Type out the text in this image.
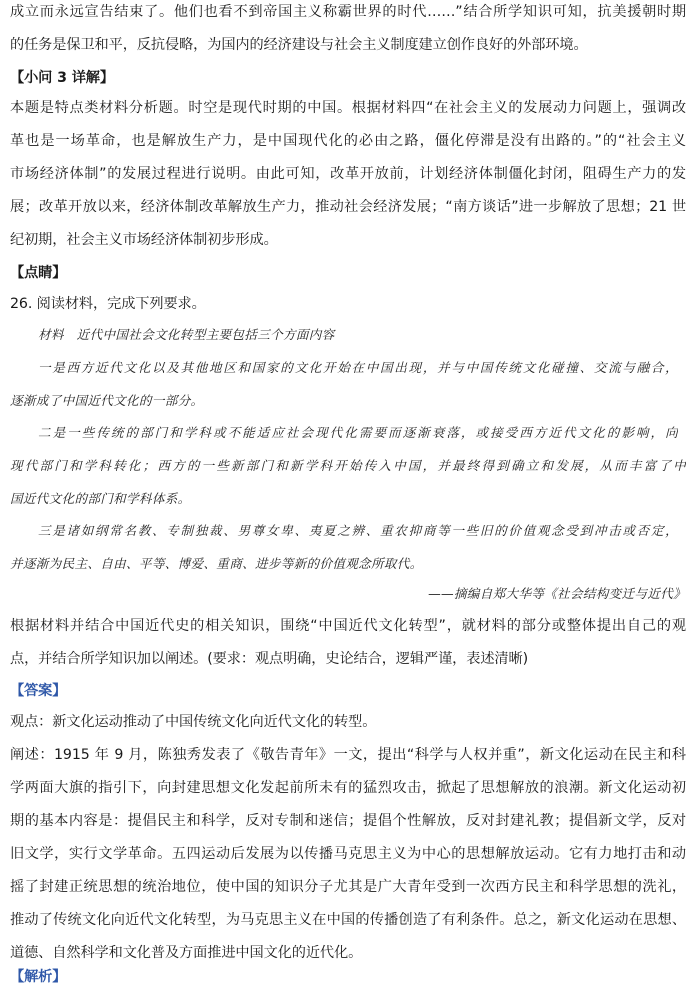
成立而永远宣告结束了。他们也看不到帝国主义称霸世界的时代……”结合所学知识可知，抗美援朝时期
的任务是保卫和平，反抗侵略，为国内的经济建设与社会主义制度建立创作良好的外部环境。
【小问 3 详解】
本题是特点类材料分析题。时空是现代时期的中国。根据材料四“在社会主义的发展动力问题上，强调改
革也是一场革命，也是解放生产力，是中国现代化的必由之路，僵化停滞是没有出路的。”的“社会主义
市场经济体制”的发展过程进行说明。由此可知，改革开放前，计划经济体制僵化封闭，阻碍生产力的发
展；改革开放以来，经济体制改革解放生产力，推动社会经济发展；“南方谈话”进一步解放了思想；21 世
纪初期，社会主义市场经济体制初步形成。
【点睛】
26. 阅读材料，完成下列要求。
材料　近代中国社会文化转型主要包括三个方面内容
一是西方近代文化以及其他地区和国家的文化开始在中国出现，并与中国传统文化碰撞、交流与融合，
逐渐成了中国近代文化的一部分。
二是一些传统的部门和学科或不能适应社会现代化需要而逐渐衰落，或接受西方近代文化的影响，向
现代部门和学科转化；西方的一些新部门和新学科开始传入中国，并最终得到确立和发展，从而丰富了中
国近代文化的部门和学科体系。
三是诸如纲常名教、专制独裁、男尊女卑、夷夏之辨、重农抑商等一些旧的价值观念受到冲击或否定，
并逐渐为民主、自由、平等、博爱、重商、进步等新的价值观念所取代。
——摘编自郑大华等《社会结构变迁与近代》
根据材料并结合中国近代史的相关知识，围绕“中国近代文化转型”，就材料的部分或整体提出自己的观
点，并结合所学知识加以阐述。(要求：观点明确，史论结合，逻辑严谨，表述清晰)
【答案】
观点：新文化运动推动了中国传统文化向近代文化的转型。
阐述：1915 年 9 月，陈独秀发表了《敬告青年》一文，提出“科学与人权并重”，新文化运动在民主和科
学两面大旗的指引下，向封建思想文化发起前所未有的猛烈攻击，掀起了思想解放的浪潮。新文化运动初
期的基本内容是：提倡民主和科学，反对专制和迷信；提倡个性解放，反对封建礼教；提倡新文学，反对
旧文学，实行文学革命。五四运动后发展为以传播马克思主义为中心的思想解放运动。它有力地打击和动
摇了封建正统思想的统治地位，使中国的知识分子尤其是广大青年受到一次西方民主和科学思想的洗礼，
推动了传统文化向近代文化转型，为马克思主义在中国的传播创造了有利条件。总之，新文化运动在思想、
道德、自然科学和文化普及方面推进中国文化的近代化。
【解析】
